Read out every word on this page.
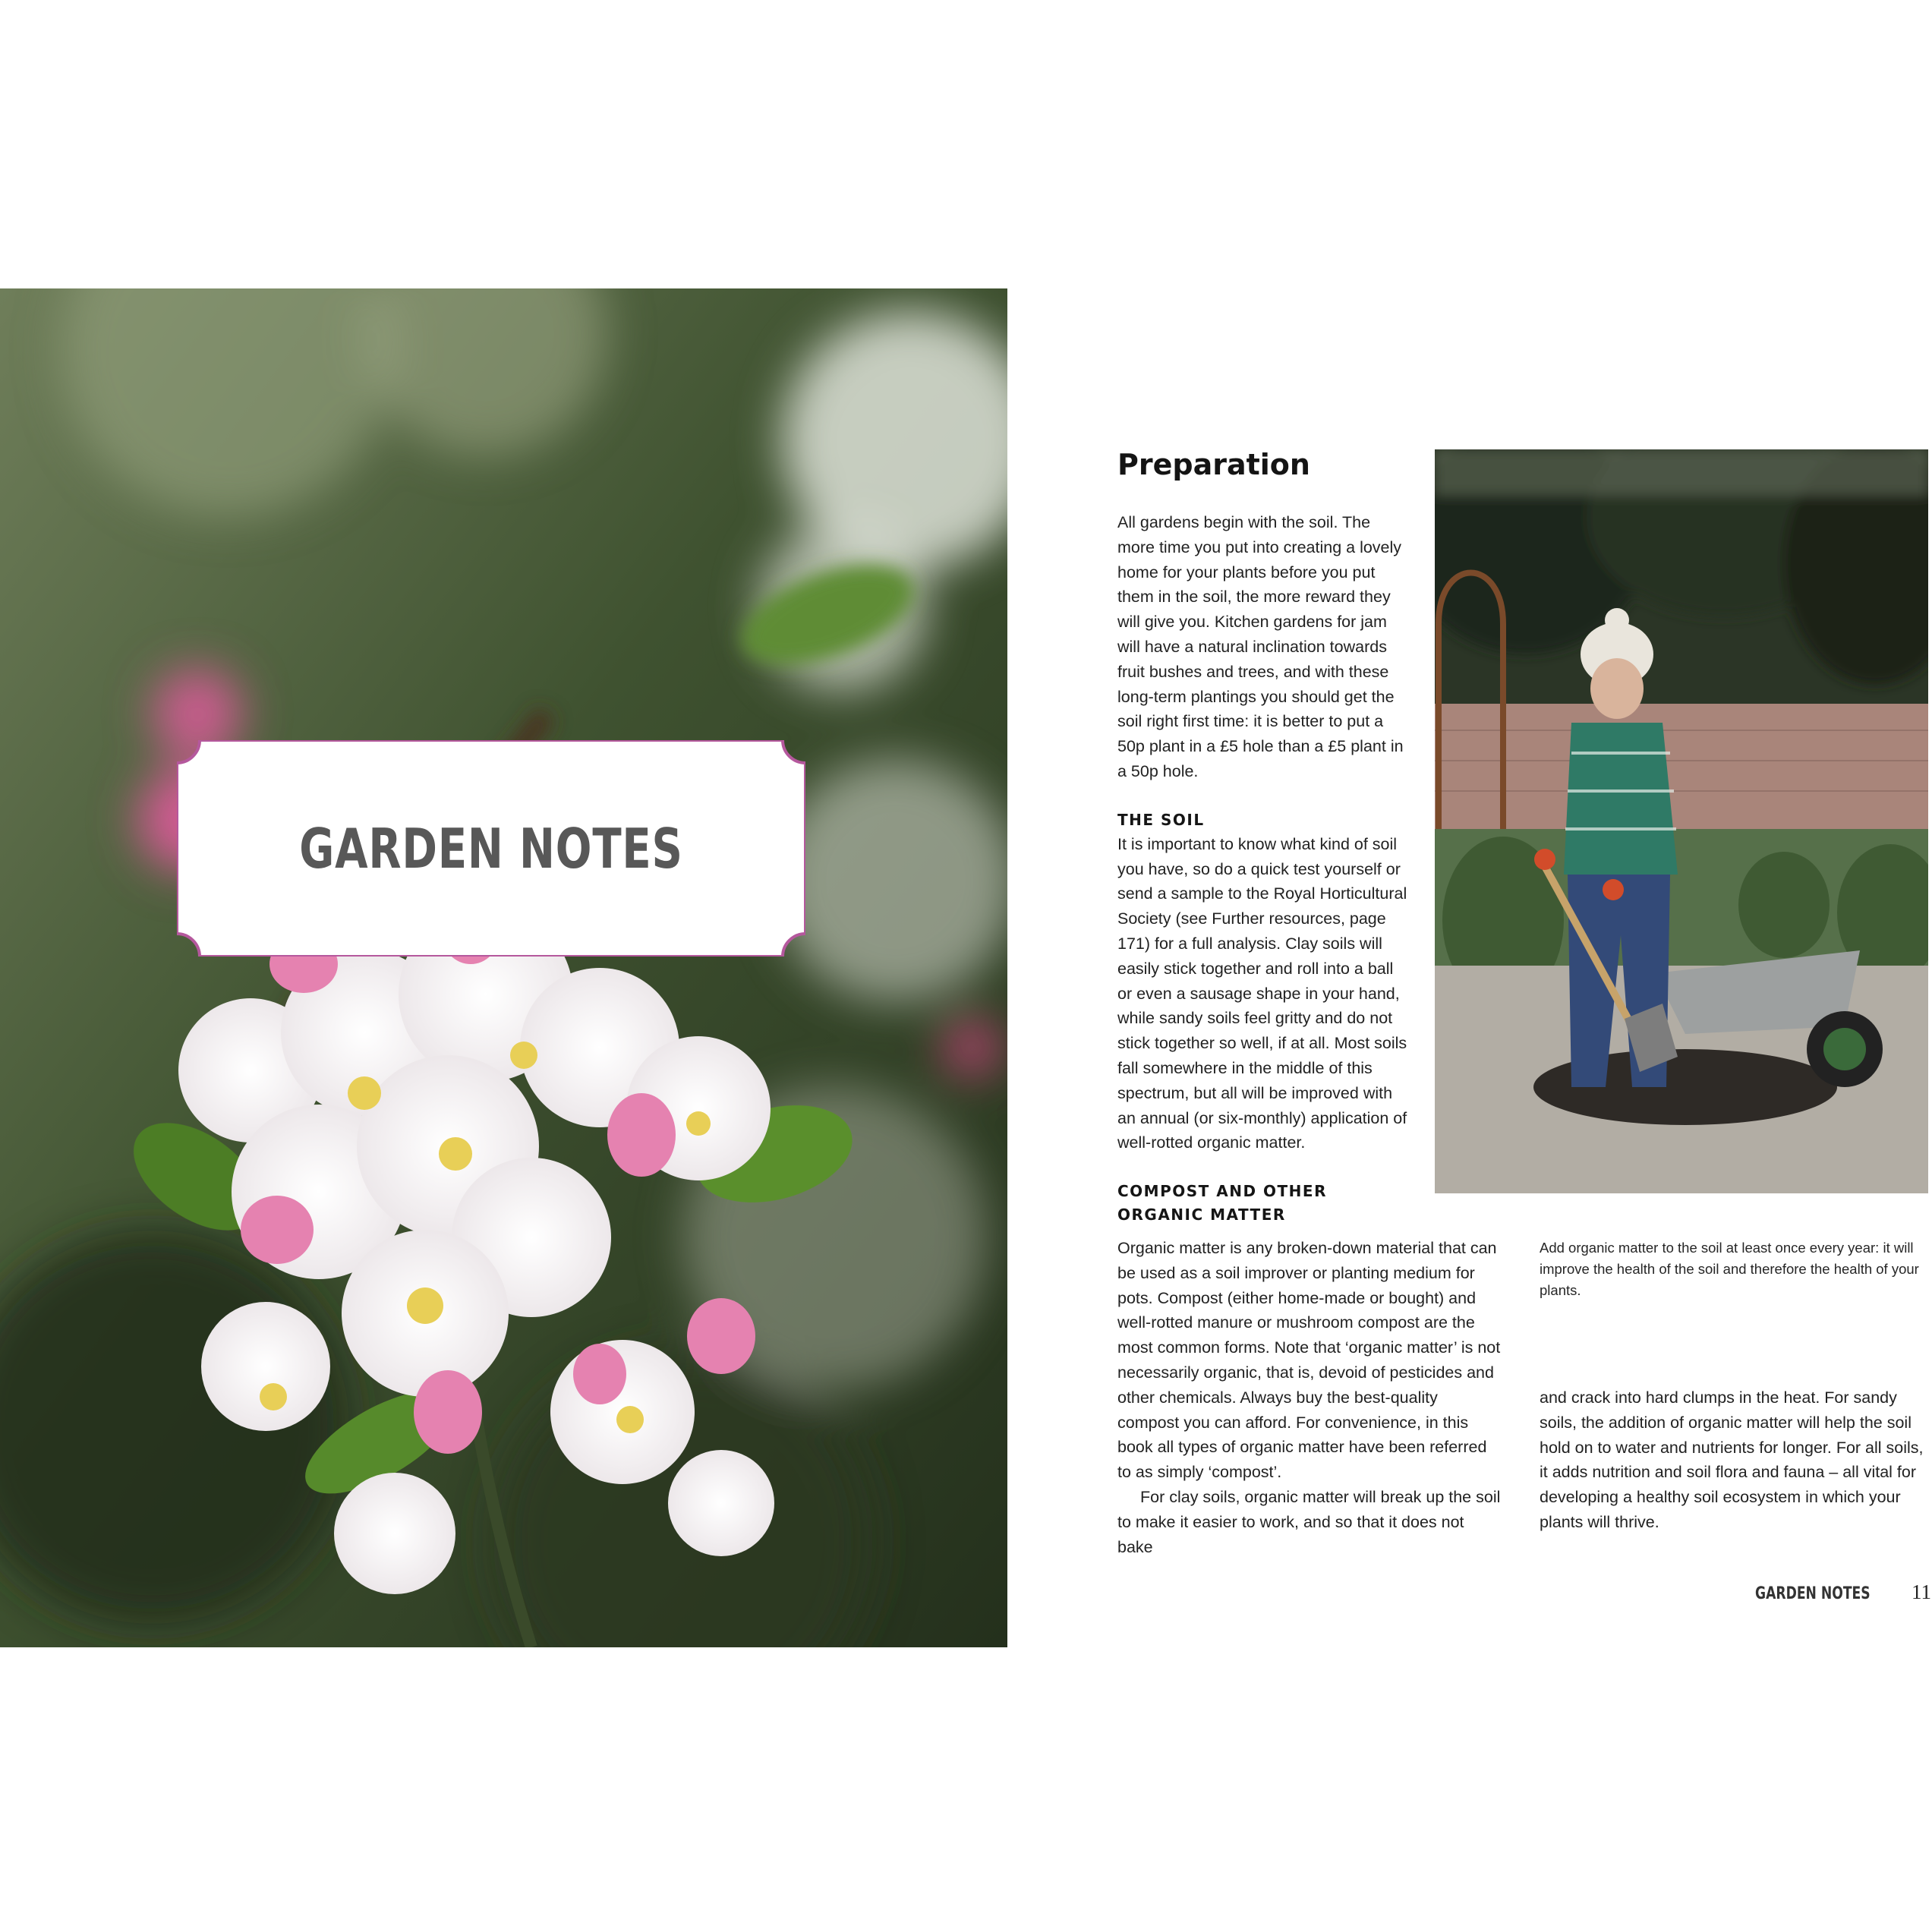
GARDEN NOTES
Preparation

All gardens begin with the soil. The more time you put into creating a lovely home for your plants before you put them in the soil, the more reward they will give you. Kitchen gardens for jam will have a natural inclination towards fruit bushes and trees, and with these long-term plantings you should get the soil right first time: it is better to put a 50p plant in a £5 hole than a £5 plant in a 50p hole.

THE SOIL

It is important to know what kind of soil you have, so do a quick test yourself or send a sample to the Royal Horticultural Society (see Further resources, page 171) for a full analysis. Clay soils will easily stick together and roll into a ball or even a sausage shape in your hand, while sandy soils feel gritty and do not stick together so well, if at all. Most soils fall somewhere in the middle of this spectrum, but all will be improved with an annual (or six-monthly) application of well-rotted organic matter.

COMPOST AND OTHER

ORGANIC MATTER

Organic matter is any broken-down material that can be used as a soil improver or planting medium for pots. Compost (either home-made or bought) and well-rotted manure or mushroom compost are the most common forms. Note that ‘organic matter’ is not necessarily organic, that is, devoid of pesticides and other chemicals. Always buy the best-quality compost you can afford. For convenience, in this book all types of organic matter have been referred to as simply ‘compost’.

For clay soils, organic matter will break up the soil to make it easier to work, and so that it does not bake

Add organic matter to the soil at least once every year: it will improve the health of the soil and therefore the health of your plants.

and crack into hard clumps in the heat. For sandy soils, the addition of organic matter will help the soil hold on to water and nutrients for longer. For all soils, it adds nutrition and soil flora and fauna – all vital for developing a healthy soil ecosystem in which your plants will thrive.

GARDEN NOTES 11
